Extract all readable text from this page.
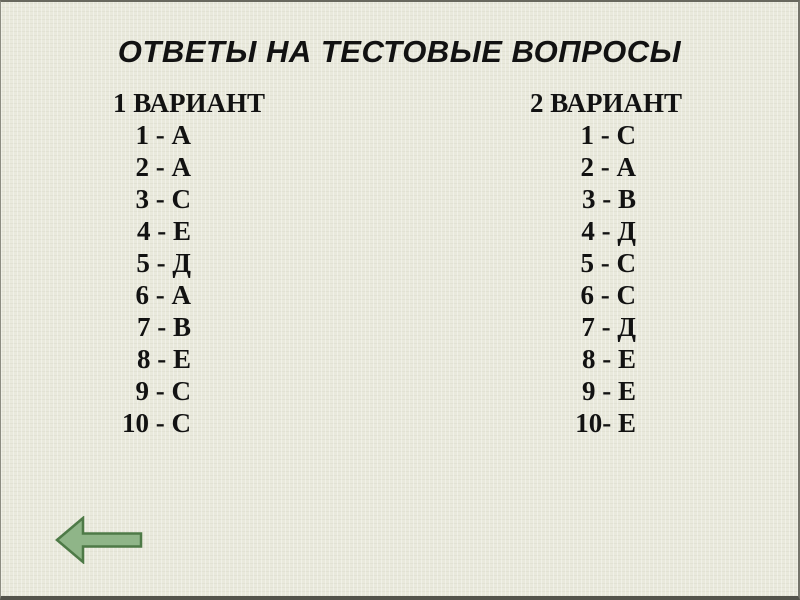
ОТВЕТЫ НА ТЕСТОВЫЕ ВОПРОСЫ
1 ВАРИАНТ	2 ВАРИАНТ
1 - А
2 - А
3 - С
4 - Е
5 - Д
6 - А
7 - В
8 - Е
9 - С
10 - С
1 - С
2 - А
3 - В
4 - Д
5 - С
6 - С
7 - Д
8 - Е
9 - Е
10- Е
